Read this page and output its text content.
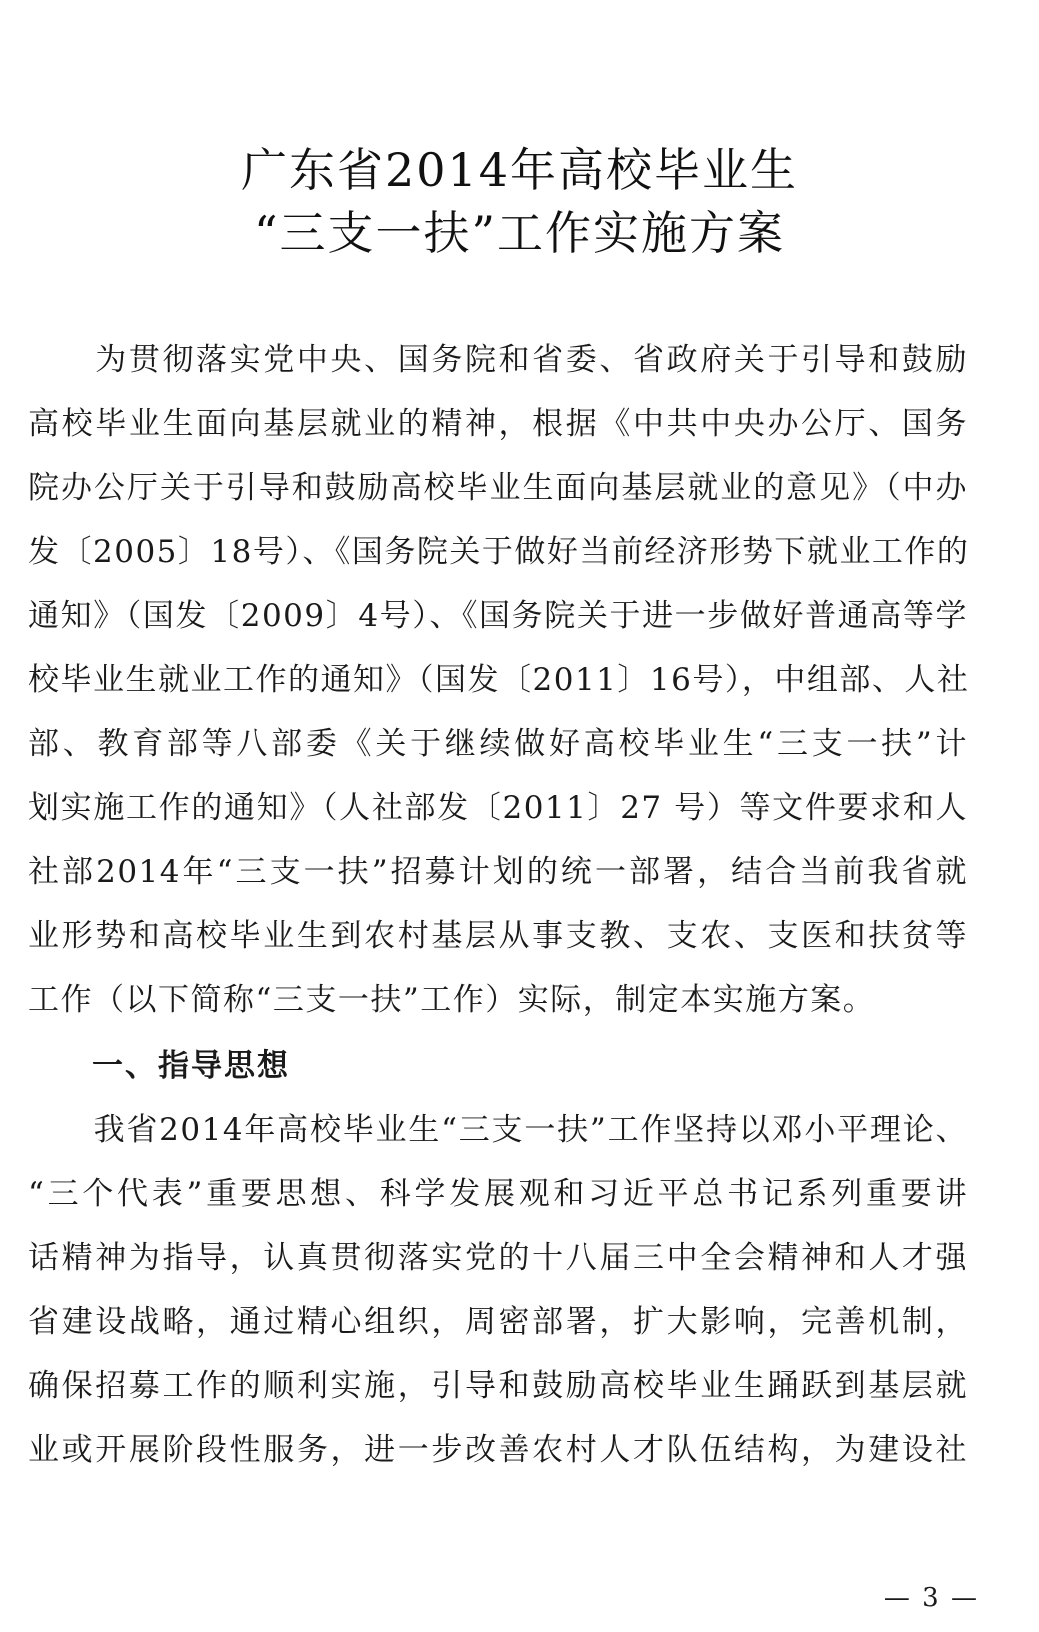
广东省2014年高校毕业生
“三支一扶”工作实施方案
　　为贯彻落实党中央、国务院和省委、省政府关于引导和鼓励
高校毕业生面向基层就业的精神，根据《中共中央办公厅、国务
院办公厅关于引导和鼓励高校毕业生面向基层就业的意见》（中办
发〔2005〕18号）、《国务院关于做好当前经济形势下就业工作的
通知》（国发〔2009〕4号）、《国务院关于进一步做好普通高等学
校毕业生就业工作的通知》（国发〔2011〕16号），中组部、人社
部、教育部等八部委《关于继续做好高校毕业生“三支一扶”计
划实施工作的通知》（人社部发〔2011〕27 号）等文件要求和人
社部2014年“三支一扶”招募计划的统一部署，结合当前我省就
业形势和高校毕业生到农村基层从事支教、支农、支医和扶贫等
工作（以下简称“三支一扶”工作）实际，制定本实施方案。
一、指导思想
　　我省2014年高校毕业生“三支一扶”工作坚持以邓小平理论、
“三个代表”重要思想、科学发展观和习近平总书记系列重要讲
话精神为指导，认真贯彻落实党的十八届三中全会精神和人才强
省建设战略，通过精心组织，周密部署，扩大影响，完善机制，
确保招募工作的顺利实施，引导和鼓励高校毕业生踊跃到基层就
业或开展阶段性服务，进一步改善农村人才队伍结构，为建设社
— 3 —
